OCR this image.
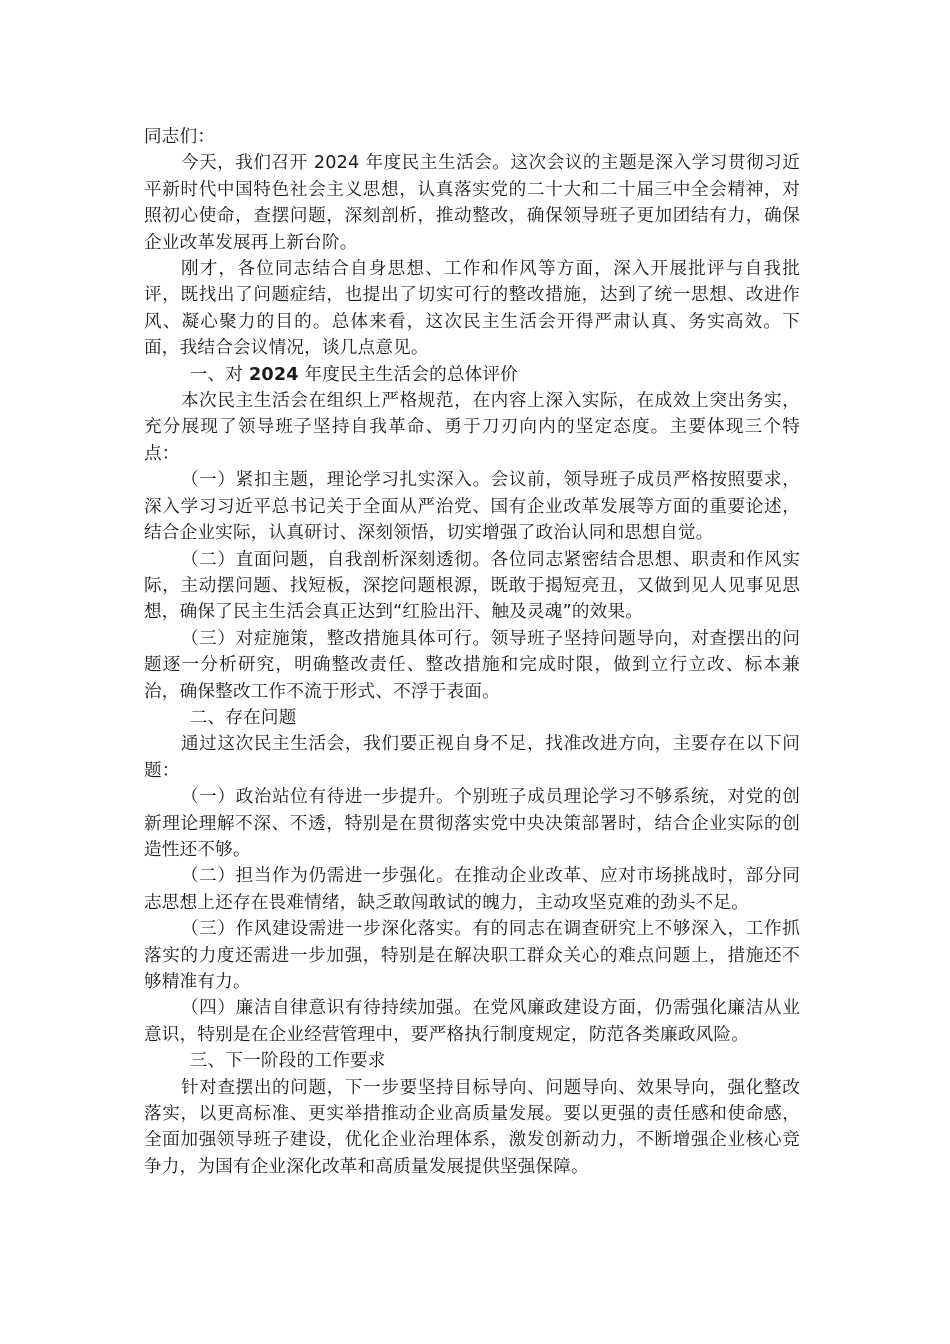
同志们：

今天，我们召开 2024 年度民主生活会。这次会议的主题是深入学习贯彻习近平新时代中国特色社会主义思想，认真落实党的二十大和二十届三中全会精神，对照初心使命，查摆问题，深刻剖析，推动整改，确保领导班子更加团结有力，确保企业改革发展再上新台阶。

刚才，各位同志结合自身思想、工作和作风等方面，深入开展批评与自我批评，既找出了问题症结，也提出了切实可行的整改措施，达到了统一思想、改进作风、凝心聚力的目的。总体来看，这次民主生活会开得严肃认真、务实高效。下面，我结合会议情况，谈几点意见。

一、对 2024 年度民主生活会的总体评价

本次民主生活会在组织上严格规范，在内容上深入实际，在成效上突出务实，充分展现了领导班子坚持自我革命、勇于刀刃向内的坚定态度。主要体现三个特点：

（一）紧扣主题，理论学习扎实深入。会议前，领导班子成员严格按照要求，深入学习习近平总书记关于全面从严治党、国有企业改革发展等方面的重要论述，结合企业实际，认真研讨、深刻领悟，切实增强了政治认同和思想自觉。

（二）直面问题，自我剖析深刻透彻。各位同志紧密结合思想、职责和作风实际，主动摆问题、找短板，深挖问题根源，既敢于揭短亮丑，又做到见人见事见思想，确保了民主生活会真正达到“红脸出汗、触及灵魂”的效果。

（三）对症施策，整改措施具体可行。领导班子坚持问题导向，对查摆出的问题逐一分析研究，明确整改责任、整改措施和完成时限，做到立行立改、标本兼治，确保整改工作不流于形式、不浮于表面。

二、存在问题

通过这次民主生活会，我们要正视自身不足，找准改进方向，主要存在以下问题：

（一）政治站位有待进一步提升。个别班子成员理论学习不够系统，对党的创新理论理解不深、不透，特别是在贯彻落实党中央决策部署时，结合企业实际的创造性还不够。

（二）担当作为仍需进一步强化。在推动企业改革、应对市场挑战时，部分同志思想上还存在畏难情绪，缺乏敢闯敢试的魄力，主动攻坚克难的劲头不足。

（三）作风建设需进一步深化落实。有的同志在调查研究上不够深入，工作抓落实的力度还需进一步加强，特别是在解决职工群众关心的难点问题上，措施还不够精准有力。

（四）廉洁自律意识有待持续加强。在党风廉政建设方面，仍需强化廉洁从业意识，特别是在企业经营管理中，要严格执行制度规定，防范各类廉政风险。

三、下一阶段的工作要求

针对查摆出的问题，下一步要坚持目标导向、问题导向、效果导向，强化整改落实，以更高标准、更实举措推动企业高质量发展。要以更强的责任感和使命感，全面加强领导班子建设，优化企业治理体系，激发创新动力，不断增强企业核心竞争力，为国有企业深化改革和高质量发展提供坚强保障。
